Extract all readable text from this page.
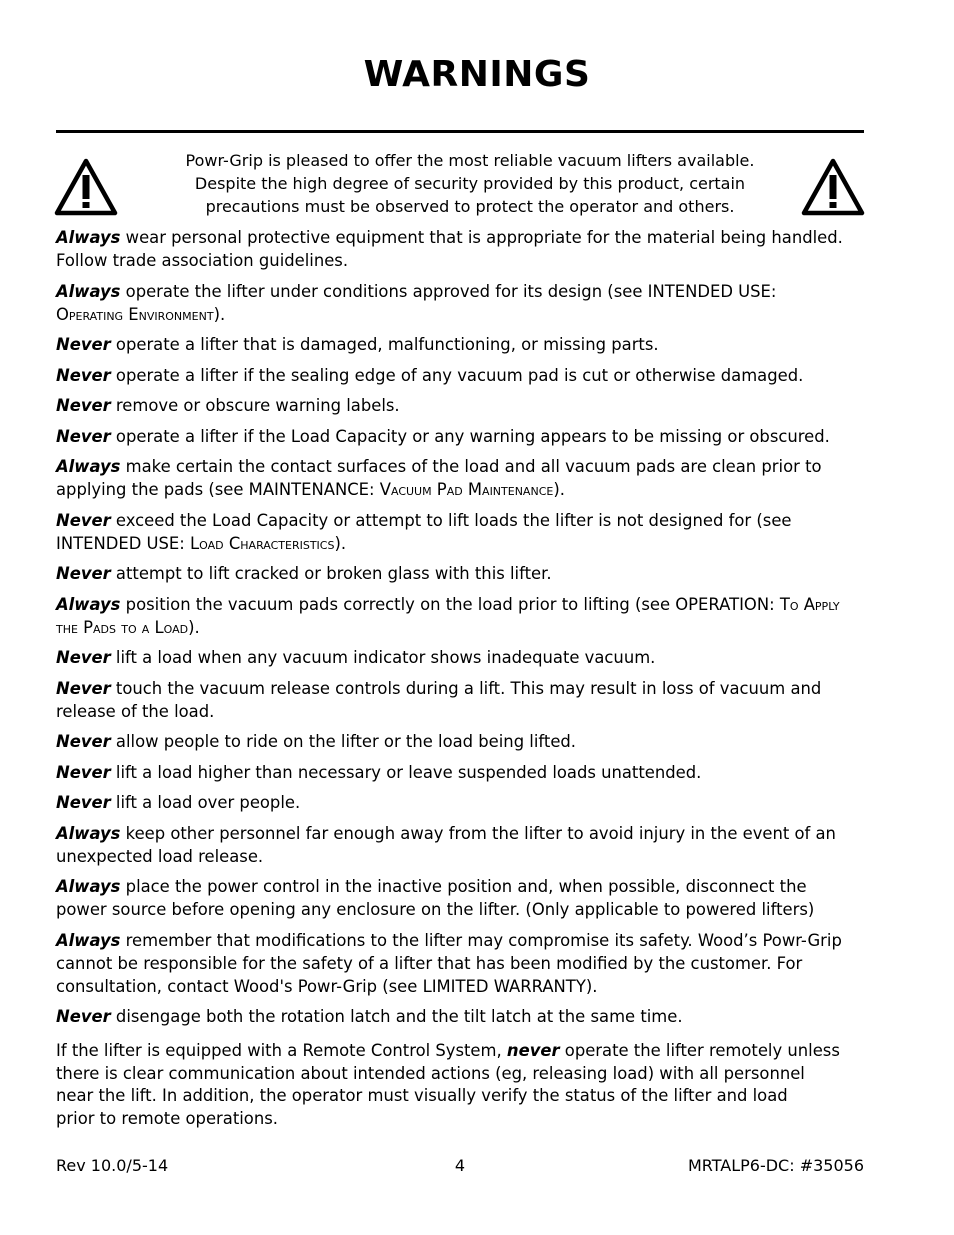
WARNINGS
Powr-Grip is pleased to offer the most reliable vacuum lifters available.
Despite the high degree of security provided by this product, certain
precautions must be observed to protect the operator and others.
Always wear personal protective equipment that is appropriate for the material being handled.
Follow trade association guidelines.
Always operate the lifter under conditions approved for its design (see INTENDED USE:
Operating Environment).
Never operate a lifter that is damaged, malfunctioning, or missing parts.
Never operate a lifter if the sealing edge of any vacuum pad is cut or otherwise damaged.
Never remove or obscure warning labels.
Never operate a lifter if the Load Capacity or any warning appears to be missing or obscured.
Always make certain the contact surfaces of the load and all vacuum pads are clean prior to
applying the pads (see MAINTENANCE: Vacuum Pad Maintenance).
Never exceed the Load Capacity or attempt to lift loads the lifter is not designed for (see
INTENDED USE: Load Characteristics).
Never attempt to lift cracked or broken glass with this lifter.
Always position the vacuum pads correctly on the load prior to lifting (see OPERATION: To Apply
the Pads to a Load).
Never lift a load when any vacuum indicator shows inadequate vacuum.
Never touch the vacuum release controls during a lift. This may result in loss of vacuum and
release of the load.
Never allow people to ride on the lifter or the load being lifted.
Never lift a load higher than necessary or leave suspended loads unattended.
Never lift a load over people.
Always keep other personnel far enough away from the lifter to avoid injury in the event of an
unexpected load release.
Always place the power control in the inactive position and, when possible, disconnect the
power source before opening any enclosure on the lifter. (Only applicable to powered lifters)
Always remember that modifications to the lifter may compromise its safety. Wood’s Powr-Grip
cannot be responsible for the safety of a lifter that has been modified by the customer. For
consultation, contact Wood's Powr-Grip (see LIMITED WARRANTY).
Never disengage both the rotation latch and the tilt latch at the same time.
If the lifter is equipped with a Remote Control System, never operate the lifter remotely unless
there is clear communication about intended actions (eg, releasing load) with all personnel
near the lift. In addition, the operator must visually verify the status of the lifter and load
prior to remote operations.
Rev 10.0/5-14	4	MRTALP6-DC: #35056
